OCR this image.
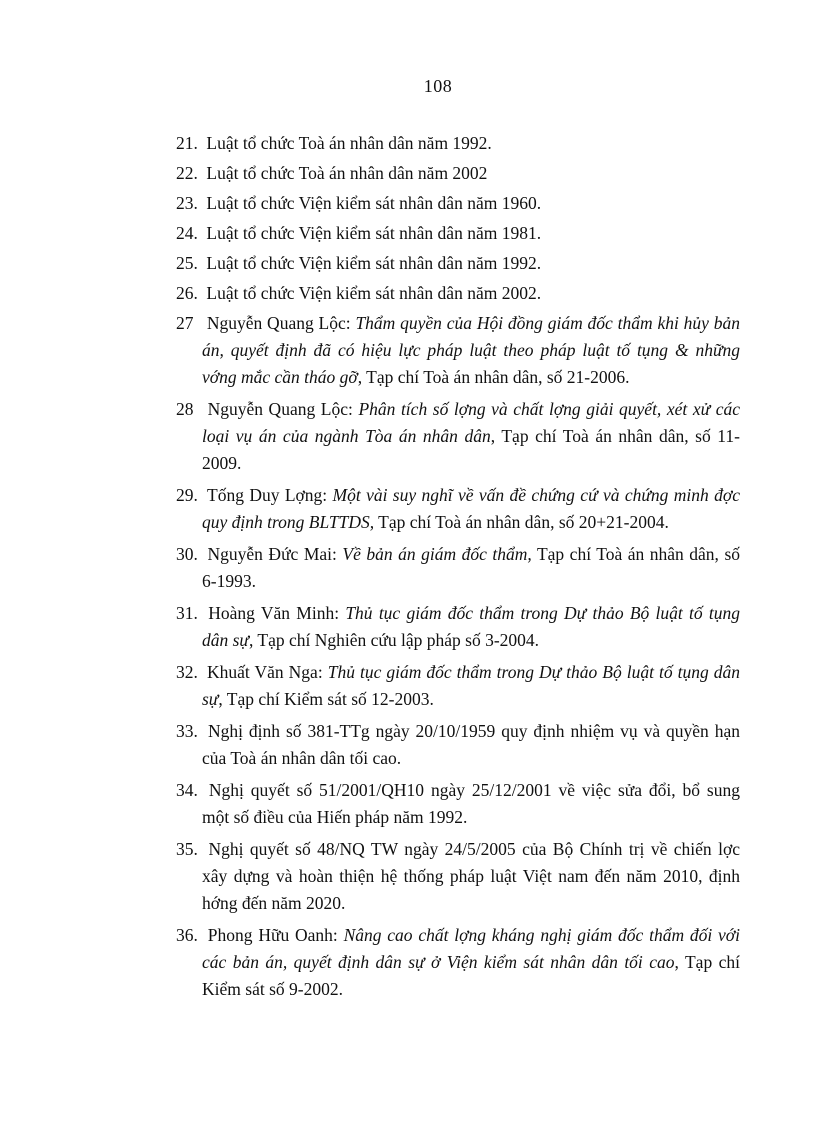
108
21. Luật tổ chức Toà án nhân dân năm 1992.
22. Luật tổ chức Toà án nhân dân năm 2002
23. Luật tổ chức Viện kiểm sát nhân dân năm 1960.
24. Luật tổ chức Viện kiểm sát nhân dân năm 1981.
25. Luật tổ chức Viện kiểm sát nhân dân năm 1992.
26. Luật tổ chức Viện kiểm sát nhân dân năm 2002.
27 Nguyễn Quang Lộc: Thẩm quyền của Hội đồng giám đốc thẩm khi hủy bản án, quyết định đã có hiệu lực pháp luật theo pháp luật tố tụng & những vớng mắc cần tháo gỡ, Tạp chí Toà án nhân dân, số 21-2006.
28 Nguyễn Quang Lộc: Phân tích số lợng và chất lợng giải quyết, xét xử các loại vụ án của ngành Tòa án nhân dân, Tạp chí Toà án nhân dân, số 11-2009.
29. Tống Duy Lợng: Một vài suy nghĩ về vấn đề chứng cứ và chứng minh đợc quy định trong BLTTDS, Tạp chí Toà án nhân dân, số 20+21-2004.
30. Nguyễn Đức Mai: Về bản án giám đốc thẩm, Tạp chí Toà án nhân dân, số 6-1993.
31. Hoàng Văn Minh: Thủ tục giám đốc thẩm trong Dự thảo Bộ luật tố tụng dân sự, Tạp chí Nghiên cứu lập pháp số 3-2004.
32. Khuất Văn Nga: Thủ tục giám đốc thẩm trong Dự thảo Bộ luật tố tụng dân sự, Tạp chí Kiểm sát số 12-2003.
33. Nghị định số 381-TTg ngày 20/10/1959 quy định nhiệm vụ và quyền hạn của Toà án nhân dân tối cao.
34. Nghị quyết số 51/2001/QH10 ngày 25/12/2001 về việc sửa đổi, bổ sung một số điều của Hiến pháp năm 1992.
35. Nghị quyết số 48/NQ TW ngày 24/5/2005 của Bộ Chính trị về chiến lợc xây dựng và hoàn thiện hệ thống pháp luật Việt nam đến năm 2010, định hớng đến năm 2020.
36. Phong Hữu Oanh: Nâng cao chất lợng kháng nghị giám đốc thẩm đối với các bản án, quyết định dân sự ở Viện kiểm sát nhân dân tối cao, Tạp chí Kiểm sát số 9-2002.
